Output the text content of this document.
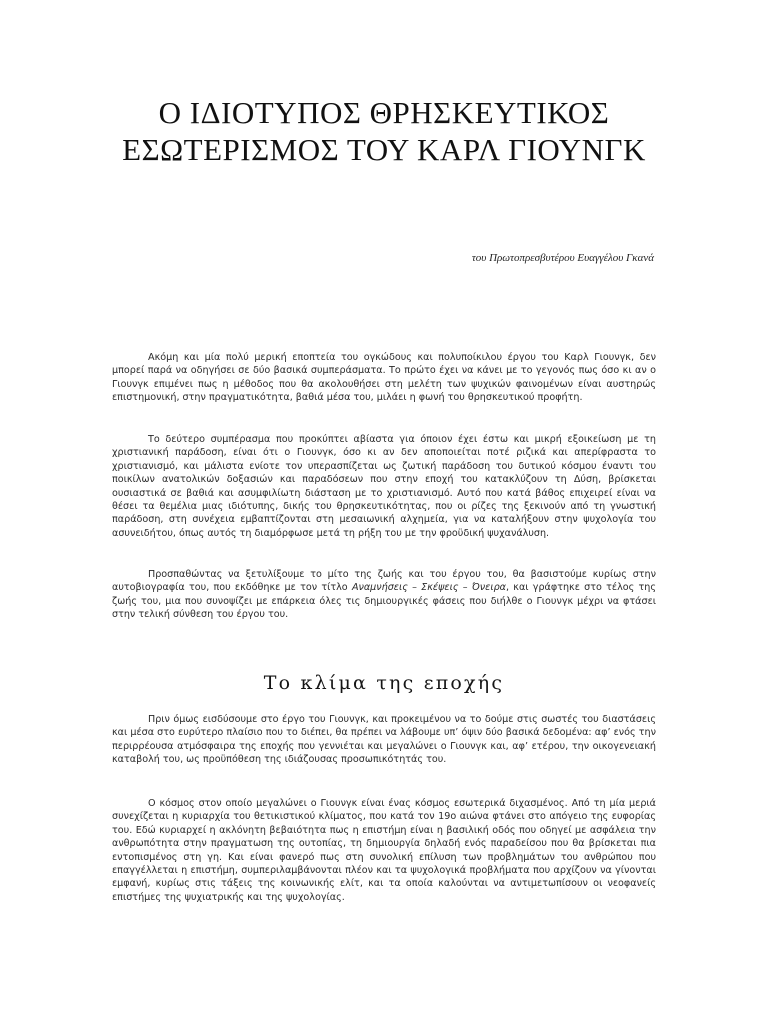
Ο ΙΔΙΟΤΥΠΟΣ ΘΡΗΣΚΕΥΤΙΚΟΣ ΕΣΩΤΕΡΙΣΜΟΣ ΤΟΥ ΚΑΡΛ ΓΙΟΥΝΓΚ
του Πρωτοπρεσβυτέρου Ευαγγέλου Γκανά

Ακόμη και μία πολύ μερική εποπτεία του ογκώδους και πολυποίκιλου έργου του Καρλ Γιουνγκ, δεν μπορεί παρά να οδηγήσει σε δύο βασικά συμπεράσματα. Το πρώτο έχει να κάνει με το γεγονός πως όσο κι αν ο Γιουνγκ επιμένει πως η μέθοδος που θα ακολουθήσει στη μελέτη των ψυχικών φαινομένων είναι αυστηρώς επιστημονική, στην πραγματικότητα, βαθιά μέσα του, μιλάει η φωνή του θρησκευτικού προφήτη.

Το δεύτερο συμπέρασμα που προκύπτει αβίαστα για όποιον έχει έστω και μικρή εξοικείωση με τη χριστιανική παράδοση, είναι ότι ο Γιουνγκ, όσο κι αν δεν αποποιείται ποτέ ριζικά και απερίφραστα το χριστιανισμό, και μάλιστα ενίοτε τον υπερασπίζεται ως ζωτική παράδοση του δυτικού κόσμου έναντι του ποικίλων ανατολικών δοξασιών και παραδόσεων που στην εποχή του κατακλύζουν τη Δύση, βρίσκεται ουσιαστικά σε βαθιά και ασυμφιλίωτη διάσταση με το χριστιανισμό. Αυτό που κατά βάθος επιχειρεί είναι να θέσει τα θεμέλια μιας ιδιότυπης, δικής του θρησκευτικότητας, που οι ρίζες της ξεκινούν από τη γνωστική παράδοση, στη συνέχεια εμβαπτίζονται στη μεσαιωνική αλχημεία, για να καταλήξουν στην ψυχολογία του ασυνειδήτου, όπως αυτός τη διαμόρφωσε μετά τη ρήξη του με την φροϋδική ψυχανάλυση.

Προσπαθώντας να ξετυλίξουμε το μίτο της ζωής και του έργου του, θα βασιστούμε κυρίως στην αυτοβιογραφία του, που εκδόθηκε με τον τίτλο Αναμνήσεις – Σκέψεις – Όνειρα, και γράφτηκε στο τέλος της ζωής του, μια που συνοψίζει με επάρκεια όλες τις δημιουργικές φάσεις που διήλθε ο Γιουνγκ μέχρι να φτάσει στην τελική σύνθεση του έργου του.

Το κλίμα της εποχής

Πριν όμως εισδύσουμε στο έργο του Γιουνγκ, και προκειμένου να το δούμε στις σωστές του διαστάσεις και μέσα στο ευρύτερο πλαίσιο που το διέπει, θα πρέπει να λάβουμε υπ’ όψιν δύο βασικά δεδομένα: αφ’ ενός την περιρρέουσα ατμόσφαιρα της εποχής που γεννιέται και μεγαλώνει ο Γιουνγκ και, αφ’ ετέρου, την οικογενειακή καταβολή του, ως προϋπόθεση της ιδιάζουσας προσωπικότητάς του.

Ο κόσμος στον οποίο μεγαλώνει ο Γιουνγκ είναι ένας κόσμος εσωτερικά διχασμένος. Από τη μία μεριά συνεχίζεται η κυριαρχία του θετικιστικού κλίματος, που κατά τον 19ο αιώνα φτάνει στο απόγειο της ευφορίας του. Εδώ κυριαρχεί η ακλόνητη βεβαιότητα πως η επιστήμη είναι η βασιλική οδός που οδηγεί με ασφάλεια την ανθρωπότητα στην πραγματωση της ουτοπίας, τη δημιουργία δηλαδή ενός παραδείσου που θα βρίσκεται πια εντοπισμένος στη γη. Και είναι φανερό πως στη συνολική επίλυση των προβλημάτων του ανθρώπου που επαγγέλλεται η επιστήμη, συμπεριλαμβάνονται πλέον και τα ψυχολογικά προβλήματα που αρχίζουν να γίνονται εμφανή, κυρίως στις τάξεις της κοινωνικής ελίτ, και τα οποία καλούνται να αντιμετωπίσουν οι νεοφανείς επιστήμες της ψυχιατρικής και της ψυχολογίας.
